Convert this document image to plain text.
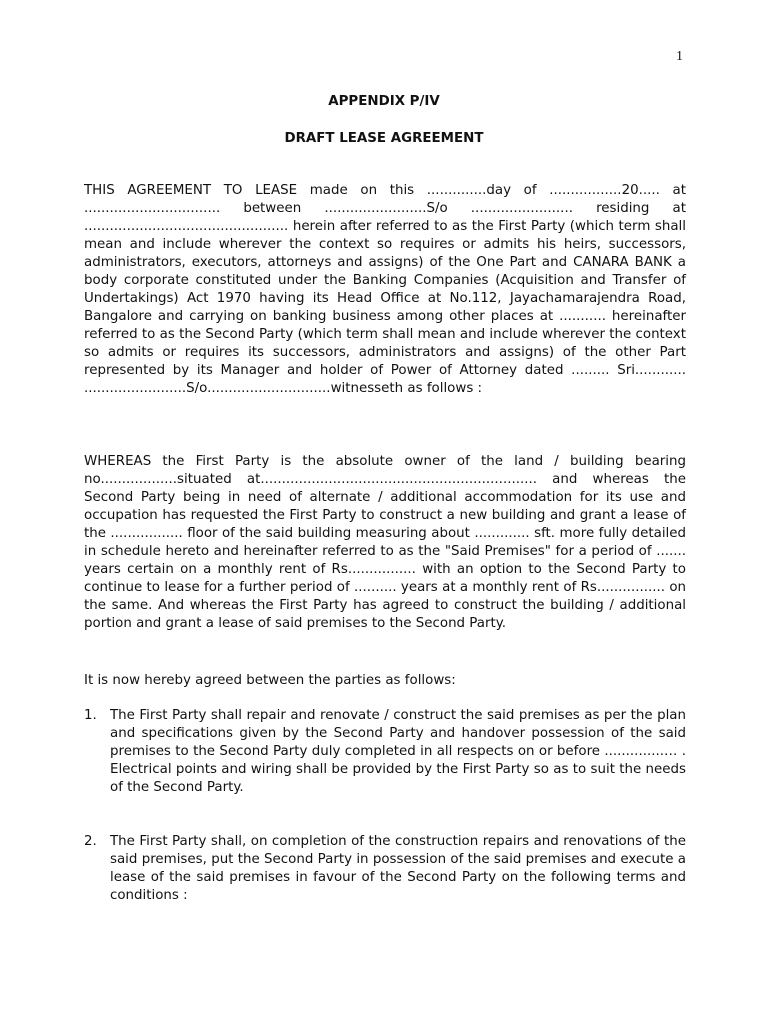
1
APPENDIX P/IV
DRAFT LEASE AGREEMENT
THIS AGREEMENT TO LEASE made on this ..............day of .................20..... at ................................ between ........................S/o ........................ residing at ................................................ herein after referred to as the First Party (which term shall mean and include wherever the context so requires or admits his heirs, successors, administrators, executors, attorneys and assigns) of the One Part and CANARA BANK a body corporate constituted under the Banking Companies (Acquisition and Transfer of Undertakings) Act 1970 having its Head Office at No.112, Jayachamarajendra Road, Bangalore and carrying on banking business among other places at ........... hereinafter referred to as the Second Party (which term shall mean and include wherever the context so admits or requires its successors, administrators and assigns) of the other Part represented by its Manager and holder of Power of Attorney dated ......... Sri............ ........................S/o.............................witnesseth as follows :
WHEREAS the First Party is the absolute owner of the land / building bearing no..................situated at................................................................. and whereas the Second Party being in need of alternate / additional accommodation for its use and occupation has requested the First Party to construct a new building and grant a lease of the ................. floor of the said building measuring about ............. sft. more fully detailed in schedule hereto and hereinafter referred to as the "Said Premises" for a period of ....... years certain on a monthly rent of Rs................ with an option to the Second Party to continue to lease for a further period of .......... years at a monthly rent of Rs................ on the same. And whereas the First Party has agreed to construct the building / additional portion and grant a lease of said premises to the Second Party.
It is now hereby agreed between the parties as follows:
1. The First Party shall repair and renovate / construct the said premises as per the plan and specifications given by the Second Party and handover possession of the said premises to the Second Party duly completed in all respects on or before ..............… . Electrical points and wiring shall be provided by the First Party so as to suit the needs of the Second Party.
2. The First Party shall, on completion of the construction repairs and renovations of the said premises, put the Second Party in possession of the said premises and execute a lease of the said premises in favour of the Second Party on the following terms and conditions :
